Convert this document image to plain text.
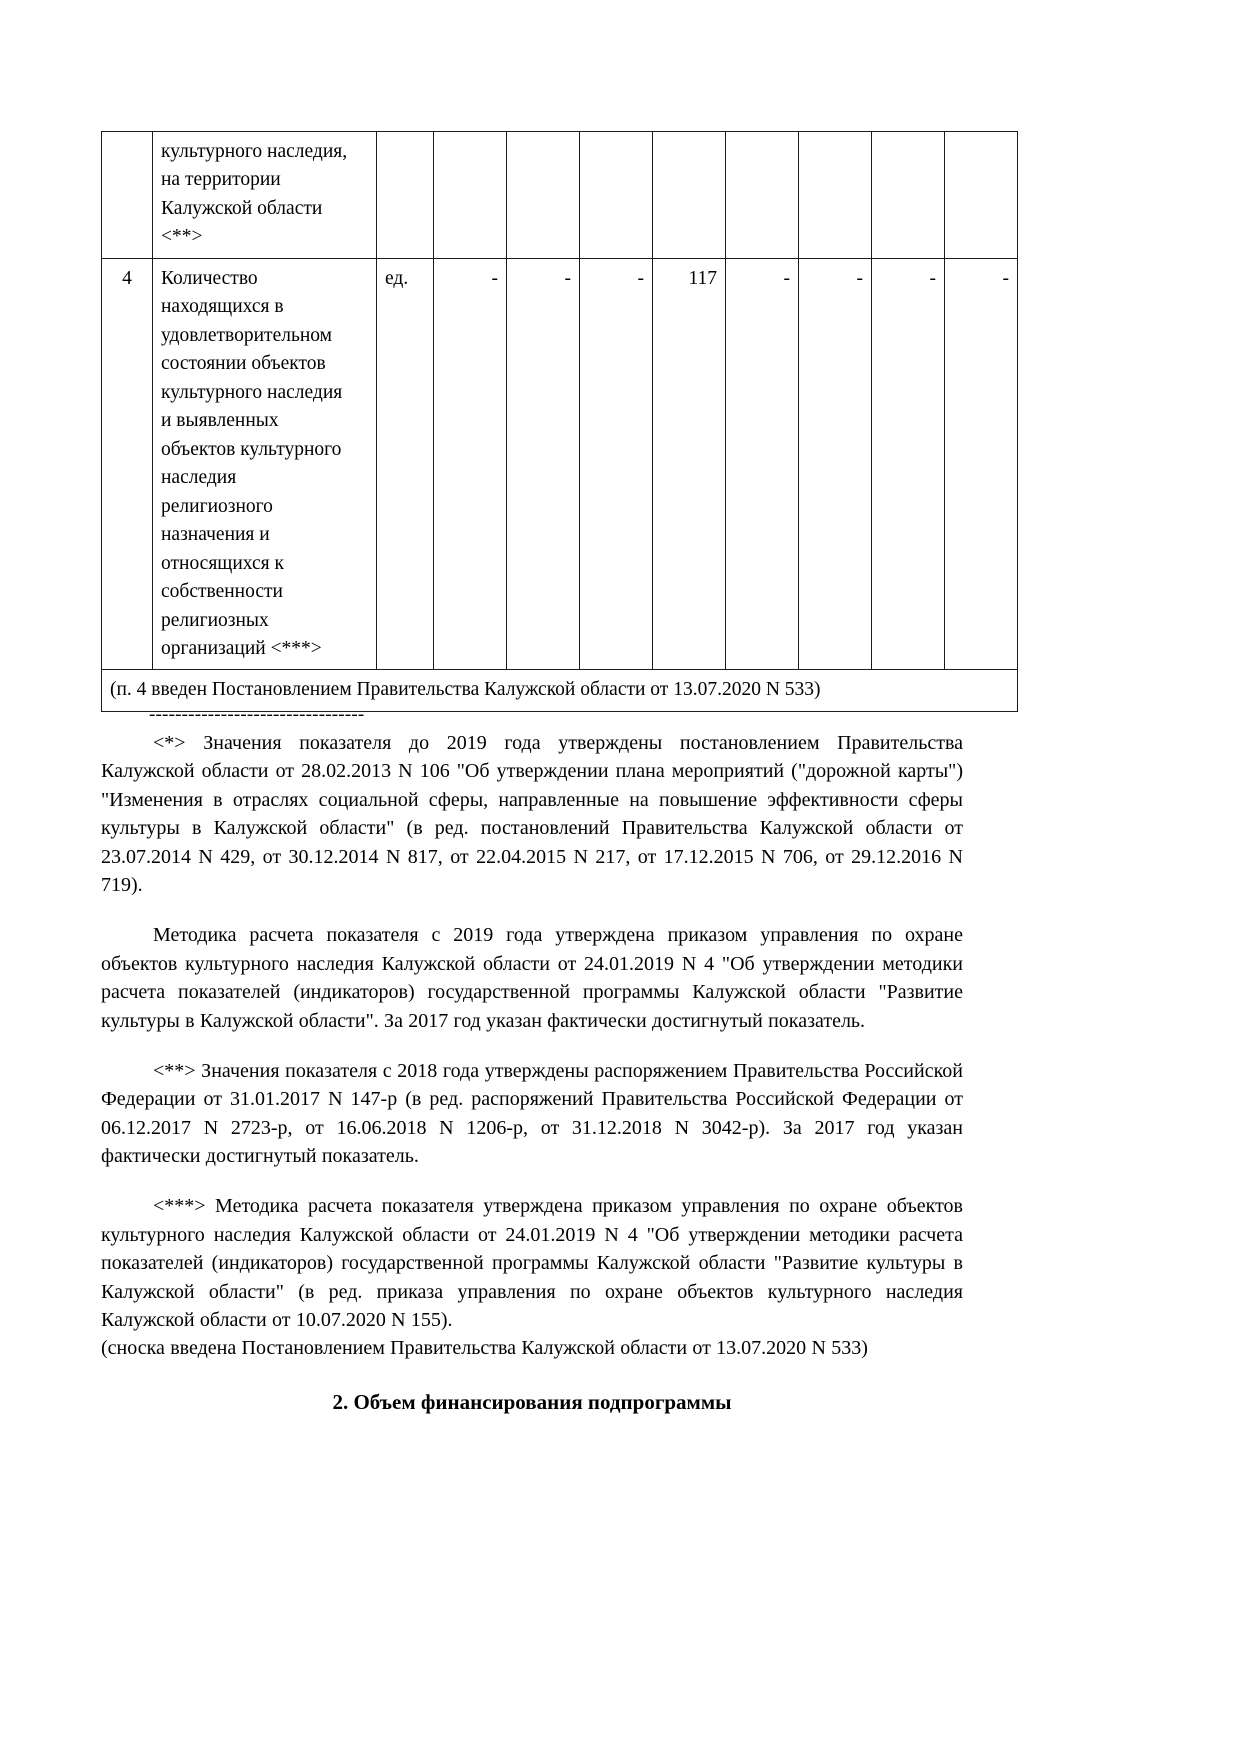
	культурного наследия,
на территории
Калужской области
<**>									

4	Количество
находящихся в
удовлетворительном
состоянии объектов
культурного наследия
и выявленных
объектов культурного
наследия
религиозного
назначения и
относящихся к
собственности
религиозных
организаций <***>
	ед.	-	-	-	117	-	-	-	-
(п. 4 введен Постановлением Правительства Калужской области от 13.07.2020 N 533)										
---------------------------------

<*> Значения показателя до 2019 года утверждены постановлением Правительства Калужской области от 28.02.2013 N 106 "Об утверждении плана мероприятий ("дорожной карты") "Изменения в отраслях социальной сферы, направленные на повышение эффективности сферы культуры в Калужской области" (в ред. постановлений Правительства Калужской области от 23.07.2014 N 429, от 30.12.2014 N 817, от 22.04.2015 N 217, от 17.12.2015 N 706, от 29.12.2016 N 719).

Методика расчета показателя с 2019 года утверждена приказом управления по охране объектов культурного наследия Калужской области от 24.01.2019 N 4 "Об утверждении методики расчета показателей (индикаторов) государственной программы Калужской области "Развитие культуры в Калужской области". За 2017 год указан фактически достигнутый показатель.

<**> Значения показателя с 2018 года утверждены распоряжением Правительства Российской Федерации от 31.01.2017 N 147-р (в ред. распоряжений Правительства Российской Федерации от 06.12.2017 N 2723-р, от 16.06.2018 N 1206-р, от 31.12.2018 N 3042-р). За 2017 год указан фактически достигнутый показатель.

<***> Методика расчета показателя утверждена приказом управления по охране объектов культурного наследия Калужской области от 24.01.2019 N 4 "Об утверждении методики расчета показателей (индикаторов) государственной программы Калужской области "Развитие культуры в Калужской области" (в ред. приказа управления по охране объектов культурного наследия Калужской области от 10.07.2020 N 155).

(сноска введена Постановлением Правительства Калужской области от 13.07.2020 N 533)

2. Объем финансирования подпрограммы
